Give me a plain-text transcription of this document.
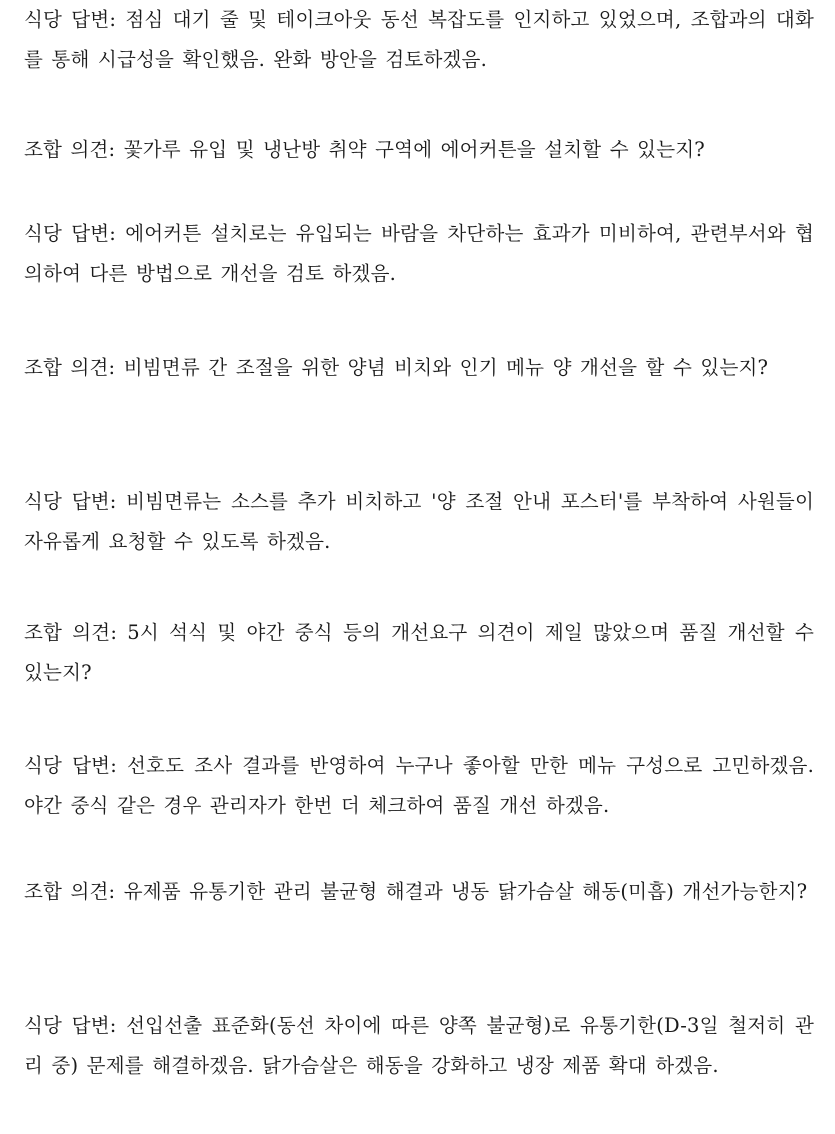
식당 답변: 점심 대기 줄 및 테이크아웃 동선 복잡도를 인지하고 있었으며, 조합과의 대화를 통해 시급성을 확인했음. 완화 방안을 검토하겠음.

조합 의견: 꽃가루 유입 및 냉난방 취약 구역에 에어커튼을 설치할 수 있는지?

식당 답변: 에어커튼 설치로는 유입되는 바람을 차단하는 효과가 미비하여, 관련부서와 협의하여 다른 방법으로 개선을 검토 하겠음.

조합 의견: 비빔면류 간 조절을 위한 양념 비치와 인기 메뉴 양 개선을 할 수 있는지?

식당 답변: 비빔면류는 소스를 추가 비치하고 '양 조절 안내 포스터'를 부착하여 사원들이 자유롭게 요청할 수 있도록 하겠음.

조합 의견: 5시 석식 및 야간 중식 등의 개선요구 의견이 제일 많았으며 품질 개선할 수 있는지?

식당 답변: 선호도 조사 결과를 반영하여 누구나 좋아할 만한 메뉴 구성으로 고민하겠음. 야간 중식 같은 경우 관리자가 한번 더 체크하여 품질 개선 하겠음.

조합 의견: 유제품 유통기한 관리 불균형 해결과 냉동 닭가슴살 해동(미흡) 개선가능한지?

식당 답변: 선입선출 표준화(동선 차이에 따른 양쪽 불균형)로 유통기한(D-3일 철저히 관리 중) 문제를 해결하겠음. 닭가슴살은 해동을 강화하고 냉장 제품 확대 하겠음.
